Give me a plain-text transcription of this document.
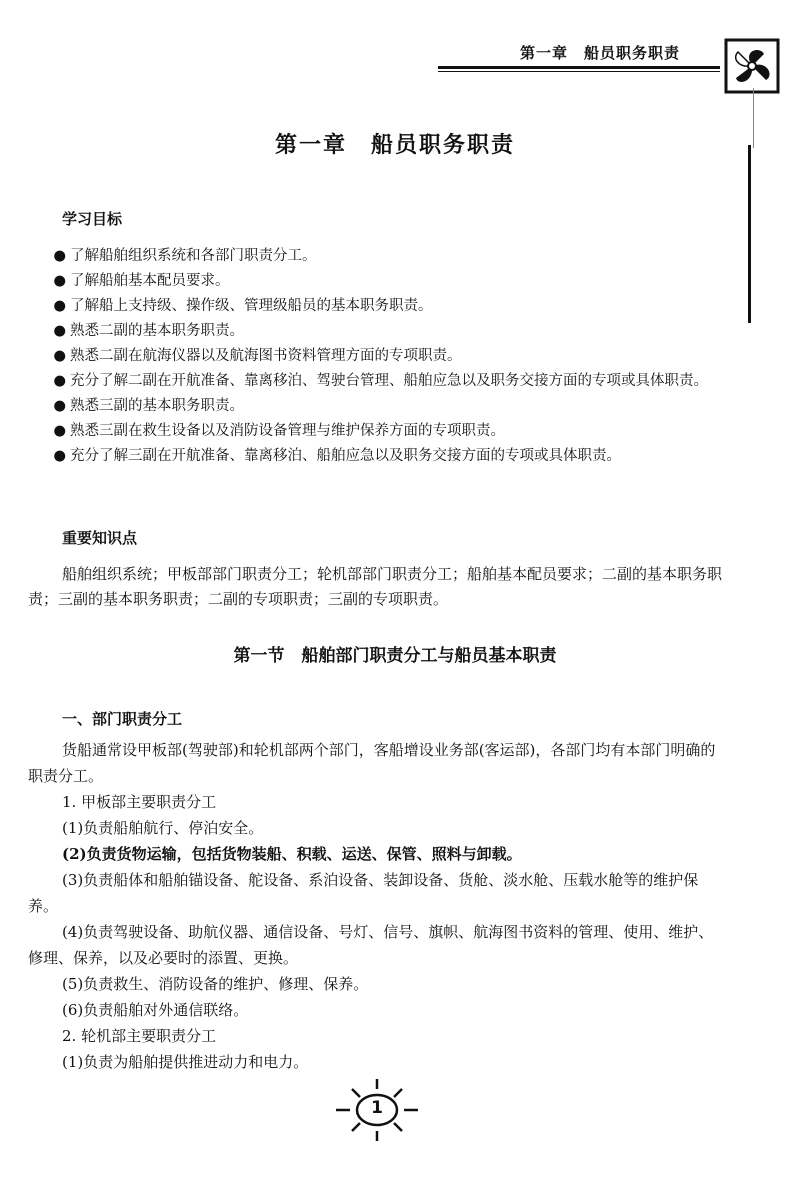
第一章　船员职务职责
第一章　船员职务职责
学习目标

● 了解船舶组织系统和各部门职责分工。

● 了解船舶基本配员要求。

● 了解船上支持级、操作级、管理级船员的基本职务职责。

● 熟悉二副的基本职务职责。

● 熟悉二副在航海仪器以及航海图书资料管理方面的专项职责。

● 充分了解二副在开航准备、靠离移泊、驾驶台管理、船舶应急以及职务交接方面的专项或具体职责。

● 熟悉三副的基本职务职责。

● 熟悉三副在救生设备以及消防设备管理与维护保养方面的专项职责。

● 充分了解三副在开航准备、靠离移泊、船舶应急以及职务交接方面的专项或具体职责。

重要知识点
船舶组织系统；甲板部部门职责分工；轮机部部门职责分工；船舶基本配员要求；二副的基本职务职责；三副的基本职务职责；二副的专项职责；三副的专项职责。
第一节　船舶部门职责分工与船员基本职责
一、部门职责分工

货船通常设甲板部(驾驶部)和轮机部两个部门，客船增设业务部(客运部)，各部门均有本部门明确的职责分工。

1. 甲板部主要职责分工

(1)负责船舶航行、停泊安全。

(2)负责货物运输，包括货物装船、积载、运送、保管、照料与卸载。

(3)负责船体和船舶锚设备、舵设备、系泊设备、装卸设备、货舱、淡水舱、压载水舱等的维护保养。

(4)负责驾驶设备、助航仪器、通信设备、号灯、信号、旗帜、航海图书资料的管理、使用、维护、修理、保养，以及必要时的添置、更换。

(5)负责救生、消防设备的维护、修理、保养。

(6)负责船舶对外通信联络。

2. 轮机部主要职责分工

(1)负责为船舶提供推进动力和电力。

1
